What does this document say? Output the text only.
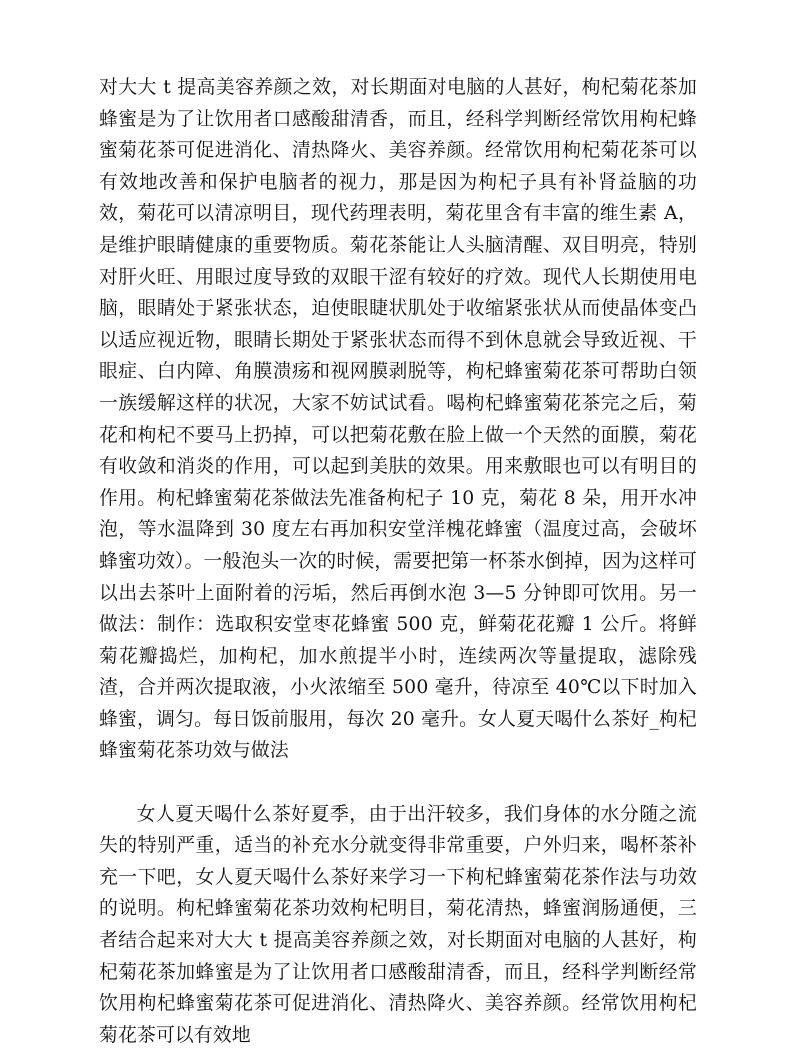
对大大 t 提高美容养颜之效，对长期面对电脑的人甚好，枸杞菊花茶加蜂蜜是为了让饮用者口感酸甜清香，而且，经科学判断经常饮用枸杞蜂蜜菊花茶可促进消化、清热降火、美容养颜。经常饮用枸杞菊花茶可以有效地改善和保护电脑者的视力，那是因为枸杞子具有补肾益脑的功效，菊花可以清凉明目，现代药理表明，菊花里含有丰富的维生素 A，是维护眼睛健康的重要物质。菊花茶能让人头脑清醒、双目明亮，特别对肝火旺、用眼过度导致的双眼干涩有较好的疗效。现代人长期使用电脑，眼睛处于紧张状态，迫使眼睫状肌处于收缩紧张状从而使晶体变凸以适应视近物，眼睛长期处于紧张状态而得不到休息就会导致近视、干眼症、白内障、角膜溃疡和视网膜剥脱等，枸杞蜂蜜菊花茶可帮助白领一族缓解这样的状况，大家不妨试试看。喝枸杞蜂蜜菊花茶完之后，菊花和枸杞不要马上扔掉，可以把菊花敷在脸上做一个天然的面膜，菊花有收敛和消炎的作用，可以起到美肤的效果。用来敷眼也可以有明目的作用。枸杞蜂蜜菊花茶做法先准备枸杞子 10 克，菊花 8 朵，用开水冲泡，等水温降到 30 度左右再加积安堂洋槐花蜂蜜（温度过高，会破坏蜂蜜功效）。一般泡头一次的时候，需要把第一杯茶水倒掉，因为这样可以出去茶叶上面附着的污垢，然后再倒水泡 3—5 分钟即可饮用。另一做法：制作：选取积安堂枣花蜂蜜 500 克，鲜菊花花瓣 1 公斤。将鲜菊花瓣捣烂，加枸杞，加水煎提半小时，连续两次等量提取，滤除残渣，合并两次提取液，小火浓缩至 500 毫升，待凉至 40℃以下时加入蜂蜜，调匀。每日饭前服用，每次 20 毫升。女人夏天喝什么茶好_枸杞蜂蜜菊花茶功效与做法

女人夏天喝什么茶好夏季，由于出汗较多，我们身体的水分随之流失的特别严重，适当的补充水分就变得非常重要，户外归来，喝杯茶补充一下吧，女人夏天喝什么茶好来学习一下枸杞蜂蜜菊花茶作法与功效的说明。枸杞蜂蜜菊花茶功效枸杞明目，菊花清热，蜂蜜润肠通便，三者结合起来对大大 t 提高美容养颜之效，对长期面对电脑的人甚好，枸杞菊花茶加蜂蜜是为了让饮用者口感酸甜清香，而且，经科学判断经常饮用枸杞蜂蜜菊花茶可促进消化、清热降火、美容养颜。经常饮用枸杞菊花茶可以有效地
